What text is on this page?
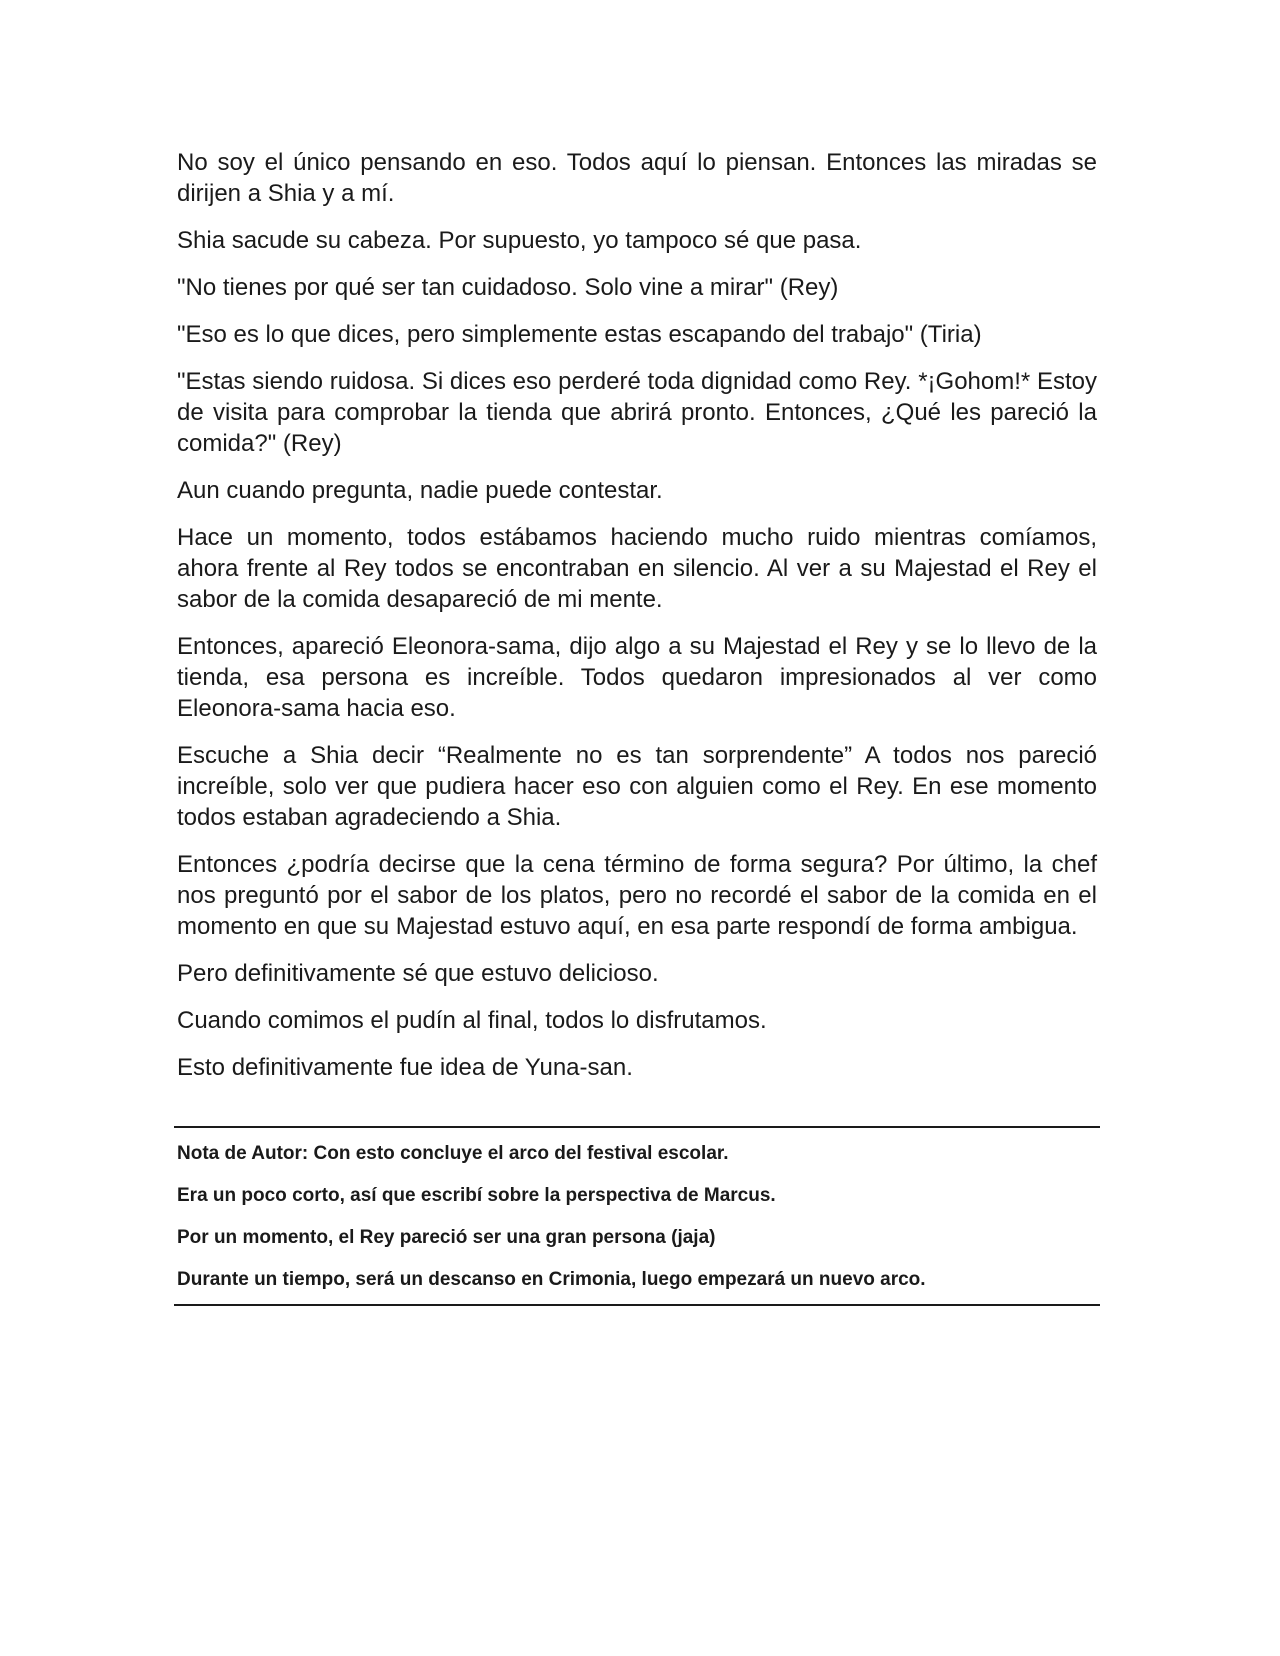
No soy el único pensando en eso. Todos aquí lo piensan. Entonces las miradas se dirijen a Shia y a mí.

Shia sacude su cabeza. Por supuesto, yo tampoco sé que pasa.

"No tienes por qué ser tan cuidadoso. Solo vine a mirar" (Rey)

"Eso es lo que dices, pero simplemente estas escapando del trabajo" (Tiria)

"Estas siendo ruidosa. Si dices eso perderé toda dignidad como Rey. *¡Gohom!* Estoy de visita para comprobar la tienda que abrirá pronto. Entonces, ¿Qué les pareció la comida?" (Rey)

Aun cuando pregunta, nadie puede contestar.

Hace un momento, todos estábamos haciendo mucho ruido mientras comíamos, ahora frente al Rey todos se encontraban en silencio. Al ver a su Majestad el Rey el sabor de la comida desapareció de mi mente.

Entonces, apareció Eleonora-sama, dijo algo a su Majestad el Rey y se lo llevo de la tienda, esa persona es increíble. Todos quedaron impresionados al ver como Eleonora-sama hacia eso.

Escuche a Shia decir “Realmente no es tan sorprendente” A todos nos pareció increíble, solo ver que pudiera hacer eso con alguien como el Rey. En ese momento todos estaban agradeciendo a Shia.

Entonces ¿podría decirse que la cena término de forma segura? Por último, la chef nos preguntó por el sabor de los platos, pero no recordé el sabor de la comida en el momento en que su Majestad estuvo aquí, en esa parte respondí de forma ambigua.

Pero definitivamente sé que estuvo delicioso.

Cuando comimos el pudín al final, todos lo disfrutamos.

Esto definitivamente fue idea de Yuna-san.

Nota de Autor: Con esto concluye el arco del festival escolar.

Era un poco corto, así que escribí sobre la perspectiva de Marcus.

Por un momento, el Rey pareció ser una gran persona (jaja)

Durante un tiempo, será un descanso en Crimonia, luego empezará un nuevo arco.
